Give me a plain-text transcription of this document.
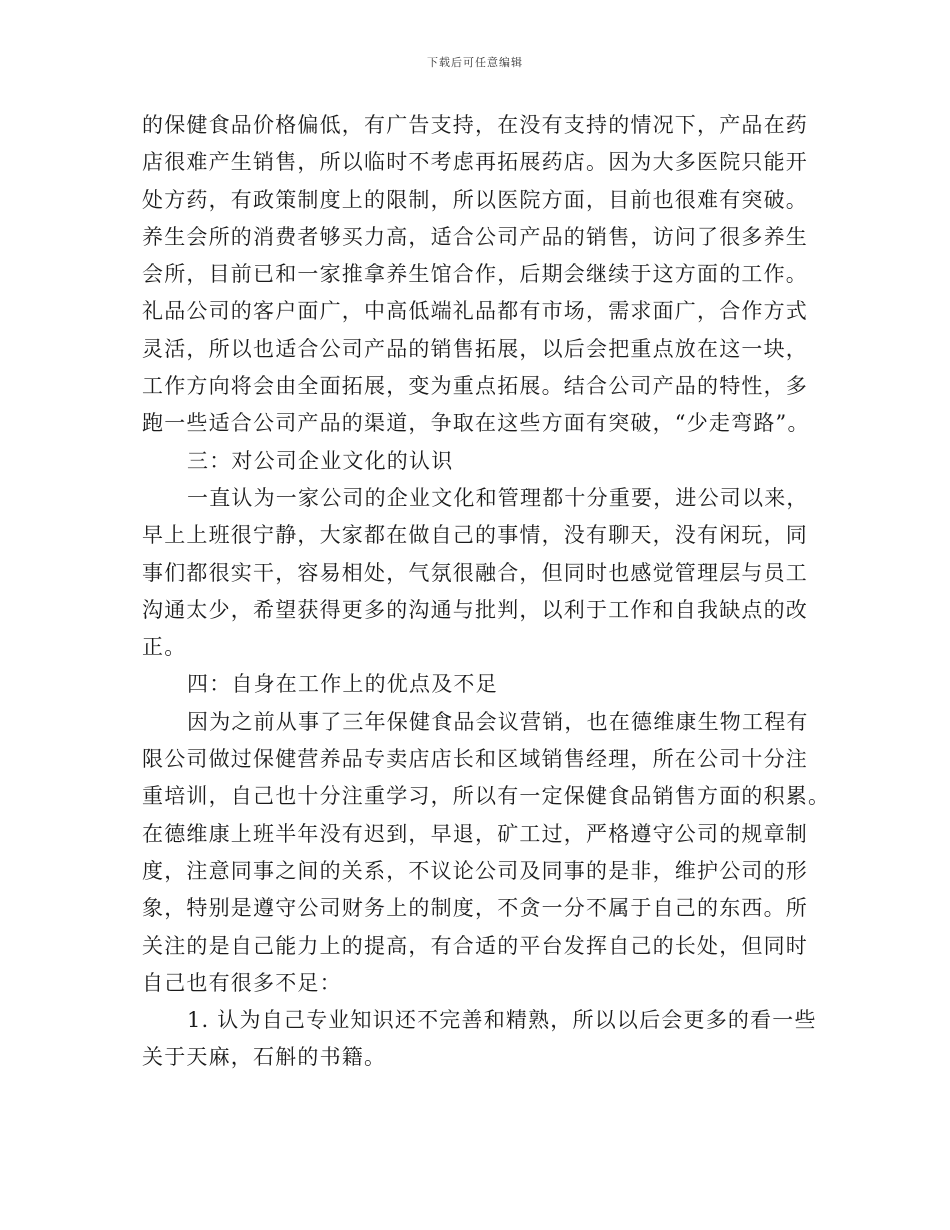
下载后可任意编辑
的保健食品价格偏低，有广告支持，在没有支持的情况下，产品在药
店很难产生销售，所以临时不考虑再拓展药店。因为大多医院只能开
处方药，有政策制度上的限制，所以医院方面，目前也很难有突破。
养生会所的消费者够买力高，适合公司产品的销售，访问了很多养生
会所，目前已和一家推拿养生馆合作，后期会继续于这方面的工作。
礼品公司的客户面广，中高低端礼品都有市场，需求面广，合作方式
灵活，所以也适合公司产品的销售拓展，以后会把重点放在这一块，
工作方向将会由全面拓展，变为重点拓展。结合公司产品的特性，多
跑一些适合公司产品的渠道，争取在这些方面有突破，“少走弯路”。
三：对公司企业文化的认识
一直认为一家公司的企业文化和管理都十分重要，进公司以来，
早上上班很宁静，大家都在做自己的事情，没有聊天，没有闲玩，同
事们都很实干，容易相处，气氛很融合，但同时也感觉管理层与员工
沟通太少，希望获得更多的沟通与批判，以利于工作和自我缺点的改
正。
四：自身在工作上的优点及不足
因为之前从事了三年保健食品会议营销，也在德维康生物工程有
限公司做过保健营养品专卖店店长和区域销售经理，所在公司十分注
重培训，自己也十分注重学习，所以有一定保健食品销售方面的积累。
在德维康上班半年没有迟到，早退，矿工过，严格遵守公司的规章制
度，注意同事之间的关系，不议论公司及同事的是非，维护公司的形
象，特别是遵守公司财务上的制度，不贪一分不属于自己的东西。所
关注的是自己能力上的提高，有合适的平台发挥自己的长处，但同时
自己也有很多不足：
1. 认为自己专业知识还不完善和精熟，所以以后会更多的看一些
关于天麻，石斛的书籍。
